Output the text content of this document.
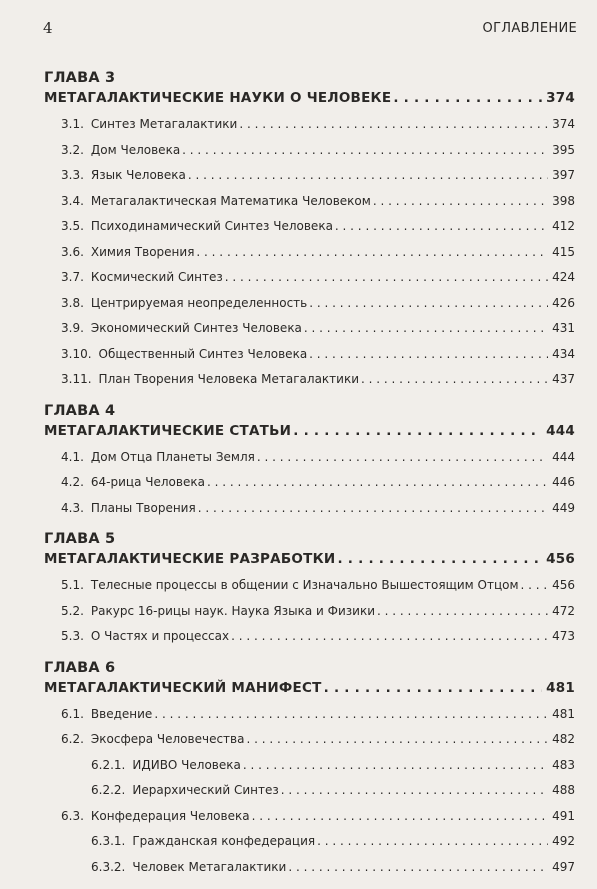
4	ОГЛАВЛЕНИЕ
ГЛАВА 3
МЕТАГАЛАКТИЧЕСКИЕ НАУКИ О ЧЕЛОВЕКЕ . . .	374
3.1. Синтез Метагалактики . . .	374
3.2. Дом Человека . . .	395
3.3. Язык Человека . . .	397
3.4. Метагалактическая Математика Человеком . . .	398
3.5. Психодинамический Синтез Человека . . .	412
3.6. Химия Творения . . .	415
3.7. Космический Синтез . . .	424
3.8. Центрируемая неопределенность . . .	426
3.9. Экономический Синтез Человека . . .	431
3.10. Общественный Синтез Человека . . .	434
3.11. План Творения Человека Метагалактики . . .	437
ГЛАВА 4
МЕТАГАЛАКТИЧЕСКИЕ СТАТЬИ . . .	444
4.1. Дом Отца Планеты Земля . . .	444
4.2. 64-рица Человека . . .	446
4.3. Планы Творения . . .	449
ГЛАВА 5
МЕТАГАЛАКТИЧЕСКИЕ РАЗРАБОТКИ . . .	456
5.1. Телесные процессы в общении с Изначально Вышестоящим Отцом . . .	456
5.2. Ракурс 16-рицы наук. Наука Языка и Физики . . .	472
5.3. О Частях и процессах . . .	473
ГЛАВА 6
МЕТАГАЛАКТИЧЕСКИЙ МАНИФЕСТ . . .	481
6.1. Введение . . .	481
6.2. Экосфера Человечества . . .	482
6.2.1. ИДИВО Человека . . .	483
6.2.2. Иерархический Синтез . . .	488
6.3. Конфедерация Человека . . .	491
6.3.1. Гражданская конфедерация . . .	492
6.3.2. Человек Метагалактики . . .	497
